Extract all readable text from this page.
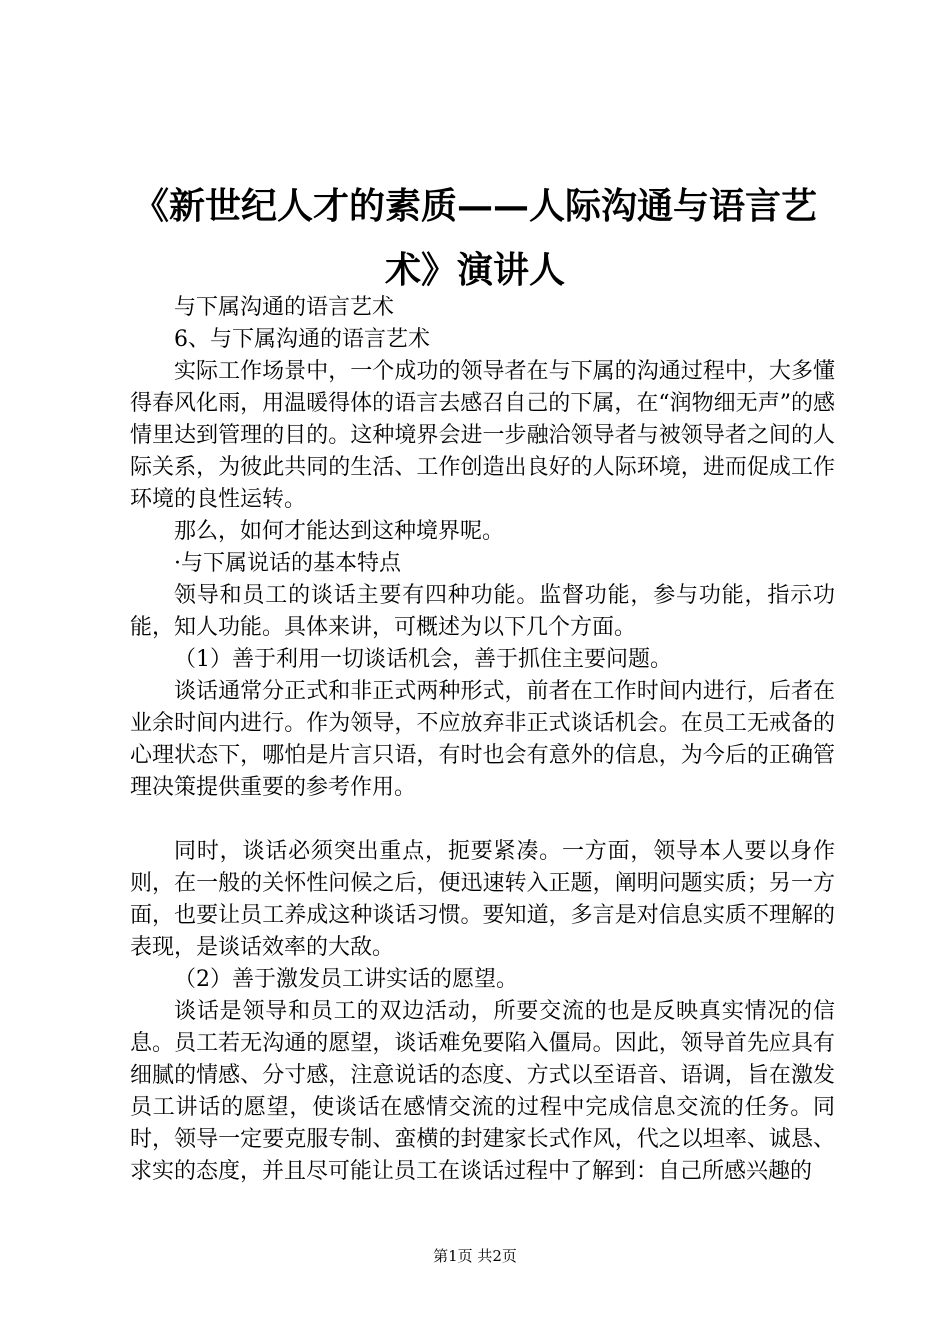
《新世纪人才的素质——人际沟通与语言艺
术》演讲人

与下属沟通的语言艺术

6、与下属沟通的语言艺术

实际工作场景中，一个成功的领导者在与下属的沟通过程中，大多懂得春风化雨，用温暖得体的语言去感召自己的下属，在“润物细无声”的感情里达到管理的目的。这种境界会进一步融洽领导者与被领导者之间的人际关系，为彼此共同的生活、工作创造出良好的人际环境，进而促成工作环境的良性运转。

那么，如何才能达到这种境界呢。

·与下属说话的基本特点

领导和员工的谈话主要有四种功能。监督功能，参与功能，指示功能，知人功能。具体来讲，可概述为以下几个方面。

（1）善于利用一切谈话机会，善于抓住主要问题。

谈话通常分正式和非正式两种形式，前者在工作时间内进行，后者在业余时间内进行。作为领导，不应放弃非正式谈话机会。在员工无戒备的心理状态下，哪怕是片言只语，有时也会有意外的信息，为今后的正确管理决策提供重要的参考作用。

同时，谈话必须突出重点，扼要紧凑。一方面，领导本人要以身作则，在一般的关怀性问候之后，便迅速转入正题，阐明问题实质；另一方面，也要让员工养成这种谈话习惯。要知道，多言是对信息实质不理解的表现，是谈话效率的大敌。

（2）善于激发员工讲实话的愿望。

谈话是领导和员工的双边活动，所要交流的也是反映真实情况的信息。员工若无沟通的愿望，谈话难免要陷入僵局。因此，领导首先应具有细腻的情感、分寸感，注意说话的态度、方式以至语音、语调，旨在激发员工讲话的愿望，使谈话在感情交流的过程中完成信息交流的任务。同时，领导一定要克服专制、蛮横的封建家长式作风，代之以坦率、诚恳、求实的态度，并且尽可能让员工在谈话过程中了解到：自己所感兴趣的

第1页 共2页
